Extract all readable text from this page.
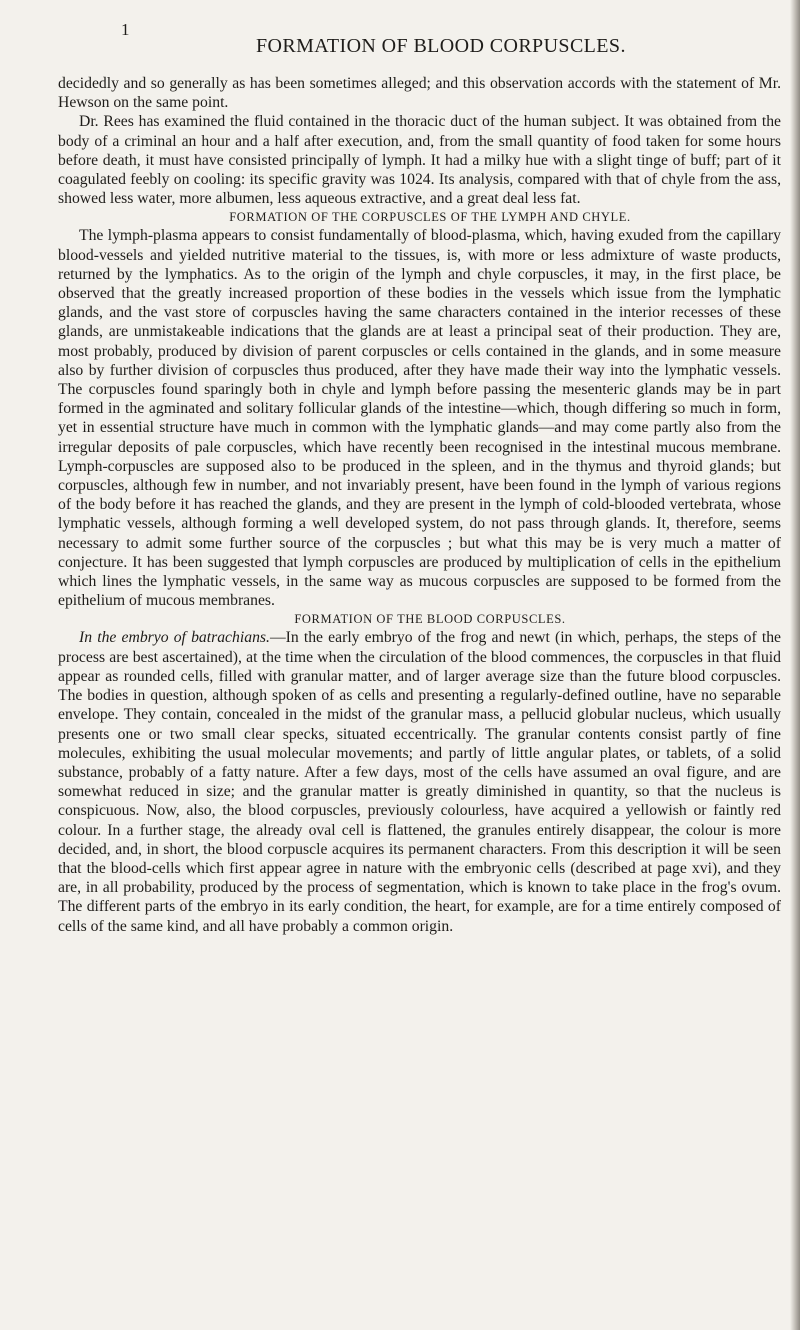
1
FORMATION OF BLOOD CORPUSCLES.

decidedly and so generally as has been sometimes alleged; and this observation accords with the statement of Mr. Hewson on the same point.

Dr. Rees has examined the fluid contained in the thoracic duct of the human subject. It was obtained from the body of a criminal an hour and a half after execution, and, from the small quantity of food taken for some hours before death, it must have consisted principally of lymph. It had a milky hue with a slight tinge of buff; part of it coagulated feebly on cooling: its specific gravity was 1024. Its analysis, compared with that of chyle from the ass, showed less water, more albumen, less aqueous extractive, and a great deal less fat.

FORMATION OF THE CORPUSCLES OF THE LYMPH AND CHYLE.

The lymph-plasma appears to consist fundamentally of blood-plasma, which, having exuded from the capillary blood-vessels and yielded nutritive material to the tissues, is, with more or less admixture of waste products, returned by the lymphatics. As to the origin of the lymph and chyle corpuscles, it may, in the first place, be observed that the greatly increased proportion of these bodies in the vessels which issue from the lymphatic glands, and the vast store of corpuscles having the same characters contained in the interior recesses of these glands, are unmistakeable indications that the glands are at least a principal seat of their production. They are, most probably, produced by division of parent corpuscles or cells contained in the glands, and in some measure also by further division of corpuscles thus produced, after they have made their way into the lymphatic vessels. The corpuscles found sparingly both in chyle and lymph before passing the mesenteric glands may be in part formed in the agminated and solitary follicular glands of the intestine—which, though differing so much in form, yet in essential structure have much in common with the lymphatic glands—and may come partly also from the irregular deposits of pale corpuscles, which have recently been recognised in the intestinal mucous membrane. Lymph-corpuscles are supposed also to be produced in the spleen, and in the thymus and thyroid glands; but corpuscles, although few in number, and not invariably present, have been found in the lymph of various regions of the body before it has reached the glands, and they are present in the lymph of cold-blooded vertebrata, whose lymphatic vessels, although forming a well developed system, do not pass through glands. It, therefore, seems necessary to admit some further source of the corpuscles ; but what this may be is very much a matter of conjecture. It has been suggested that lymph corpuscles are produced by multiplication of cells in the epithelium which lines the lymphatic vessels, in the same way as mucous corpuscles are supposed to be formed from the epithelium of mucous membranes.

FORMATION OF THE BLOOD CORPUSCLES.

In the embryo of batrachians.—In the early embryo of the frog and newt (in which, perhaps, the steps of the process are best ascertained), at the time when the circulation of the blood commences, the corpuscles in that fluid appear as rounded cells, filled with granular matter, and of larger average size than the future blood corpuscles. The bodies in question, although spoken of as cells and presenting a regularly-defined outline, have no separable envelope. They contain, concealed in the midst of the granular mass, a pellucid globular nucleus, which usually presents one or two small clear specks, situated eccentrically. The granular contents consist partly of fine molecules, exhibiting the usual molecular movements; and partly of little angular plates, or tablets, of a solid substance, probably of a fatty nature. After a few days, most of the cells have assumed an oval figure, and are somewhat reduced in size; and the granular matter is greatly diminished in quantity, so that the nucleus is conspicuous. Now, also, the blood corpuscles, previously colourless, have acquired a yellowish or faintly red colour. In a further stage, the already oval cell is flattened, the granules entirely disappear, the colour is more decided, and, in short, the blood corpuscle acquires its permanent characters. From this description it will be seen that the blood-cells which first appear agree in nature with the embryonic cells (described at page xvi), and they are, in all probability, produced by the process of segmentation, which is known to take place in the frog's ovum. The different parts of the embryo in its early condition, the heart, for example, are for a time entirely composed of cells of the same kind, and all have probably a common origin.
